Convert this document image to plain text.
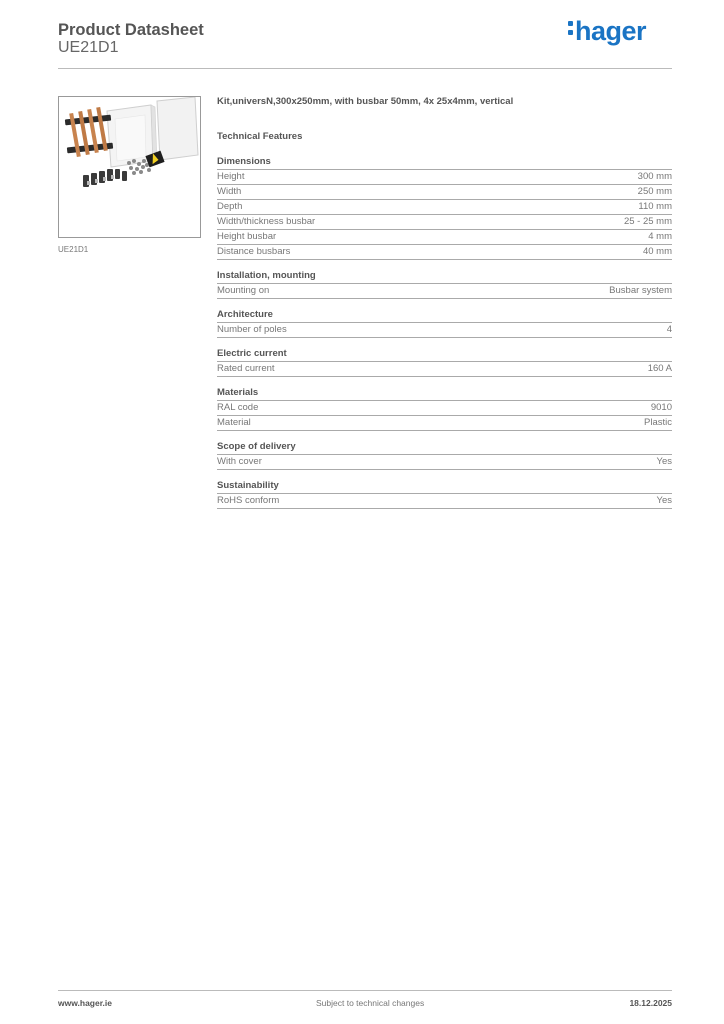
Product Datasheet
UE21D1
hager
UE21D1
Kit,universN,300x250mm, with busbar 50mm, 4x 25x4mm, vertical
Technical Features
Dimensions
Height	300 mm
Width	250 mm
Depth	110 mm
Width/thickness busbar	25 - 25 mm
Height busbar	4 mm
Distance busbars	40 mm
Installation, mounting
Mounting on	Busbar system
Architecture
Number of poles	4
Electric current
Rated current	160 A
Materials
RAL code	9010
Material	Plastic
Scope of delivery
With cover	Yes
Sustainability
RoHS conform	Yes
www.hager.ie	Subject to technical changes	18.12.2025
